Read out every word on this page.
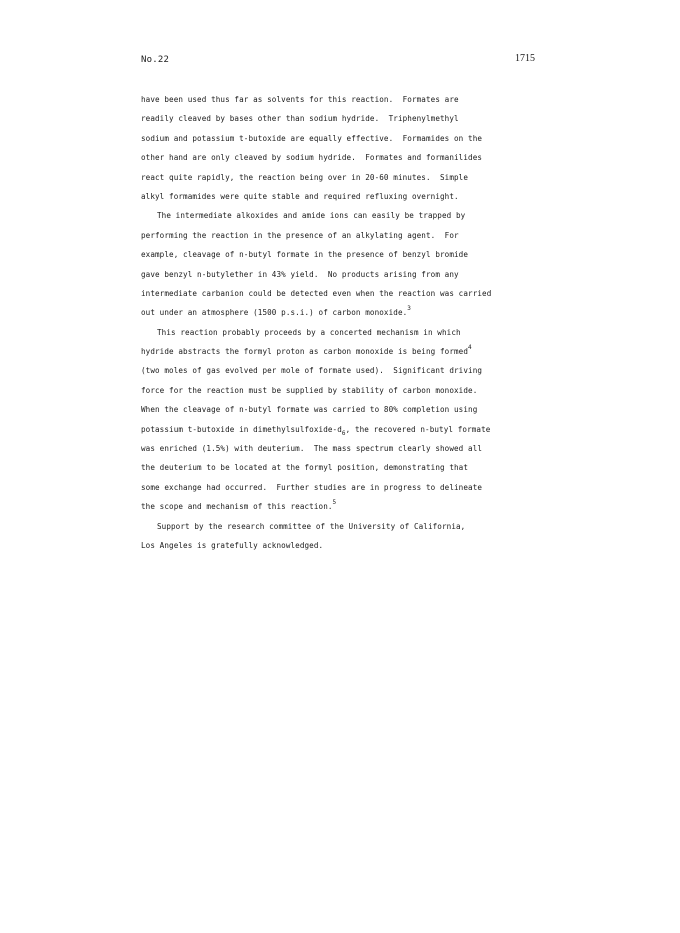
No.22	1715
have been used thus far as solvents for this reaction.  Formates are
readily cleaved by bases other than sodium hydride.  Triphenylmethyl
sodium and potassium t-butoxide are equally effective.  Formamides on the
other hand are only cleaved by sodium hydride.  Formates and formanilides
react quite rapidly, the reaction being over in 20-60 minutes.  Simple
alkyl formamides were quite stable and required refluxing overnight.
The intermediate alkoxides and amide ions can easily be trapped by
performing the reaction in the presence of an alkylating agent.  For
example, cleavage of n-butyl formate in the presence of benzyl bromide
gave benzyl n-butylether in 43% yield.  No products arising from any
intermediate carbanion could be detected even when the reaction was carried
out under an atmosphere (1500 p.s.i.) of carbon monoxide.$^3$
This reaction probably proceeds by a concerted mechanism in which
hydride abstracts the formyl proton as carbon monoxide is being formed$^4$
(two moles of gas evolved per mole of formate used).  Significant driving
force for the reaction must be supplied by stability of carbon monoxide.
When the cleavage of n-butyl formate was carried to 80% completion using
potassium t-butoxide in dimethylsulfoxide-$d_6$, the recovered n-butyl formate
was enriched (1.5%) with deuterium.  The mass spectrum clearly showed all
the deuterium to be located at the formyl position, demonstrating that
some exchange had occurred.  Further studies are in progress to delineate
the scope and mechanism of this reaction.$^5$
Support by the research committee of the University of California,
Los Angeles is gratefully acknowledged.
